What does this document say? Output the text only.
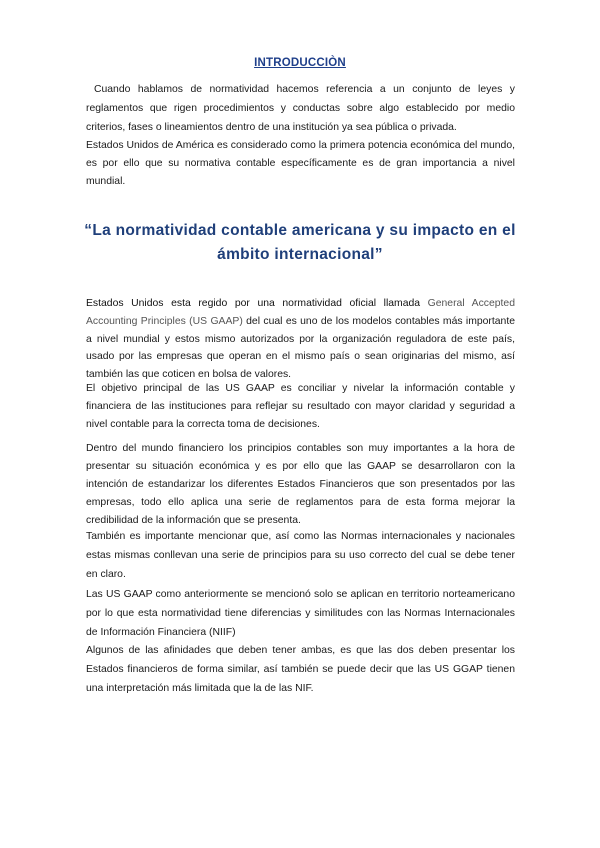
INTRODUCCIÒN

Cuando hablamos de normatividad hacemos referencia a un conjunto de leyes y reglamentos que rigen procedimientos y conductas sobre algo establecido por medio criterios, fases o lineamientos dentro de una institución ya sea pública o privada.

Estados Unidos de América es considerado como la primera potencia económica del mundo, es por ello que su normativa contable específicamente es de gran importancia a nivel mundial.

“La normatividad contable americana y su impacto en el ámbito internacional”

Estados Unidos esta regido por una normatividad oficial llamada General Accepted Accounting Principles (US GAAP) del cual es uno de los modelos contables más importante a nivel mundial y estos mismo autorizados por la organización reguladora de este país, usado por las empresas que operan en el mismo país o sean originarias del mismo, así también las que coticen en bolsa de valores.

El objetivo principal de las US GAAP es conciliar y nivelar la información contable y financiera de las instituciones para reflejar su resultado con mayor claridad y seguridad a nivel contable para la correcta toma de decisiones.

Dentro del mundo financiero los principios contables son muy importantes a la hora de presentar su situación económica y es por ello que las GAAP se desarrollaron con la intención de estandarizar los diferentes Estados Financieros que son presentados por las empresas, todo ello aplica una serie de reglamentos para de esta forma mejorar la credibilidad de la información que se presenta.

También es importante mencionar que, así como las Normas internacionales y nacionales estas mismas conllevan una serie de principios para su uso correcto del cual se debe tener en claro.

Las US GAAP como anteriormente se mencionó solo se aplican en territorio norteamericano por lo que esta normatividad tiene diferencias y similitudes con las Normas Internacionales de Información Financiera (NIIF)

Algunos de las afinidades que deben tener ambas, es que las dos deben presentar los Estados financieros de forma similar, así también se puede decir que las US GGAP tienen una interpretación más limitada que la de las NIF.
